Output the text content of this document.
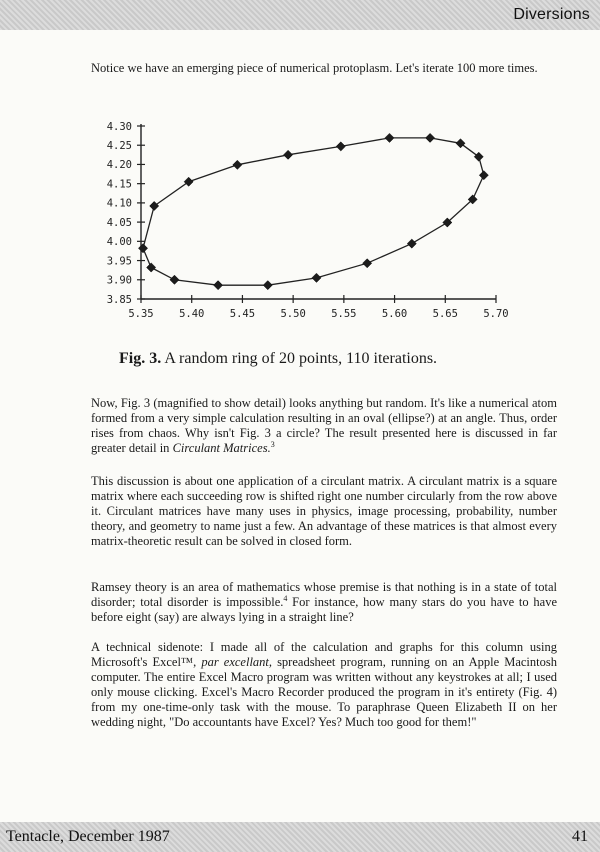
Diversions

Notice we have an emerging piece of numerical protoplasm. Let's iterate 100 more times.

4.30
4.25
4.20
4.15
4.10
4.05
4.00
3.95
3.90
3.85
5.35 5.40 5.45 5.50 5.55 5.60 5.65 5.70

Fig. 3. A random ring of 20 points, 110 iterations.

Now, Fig. 3 (magnified to show detail) looks anything but random. It's like a numerical atom formed from a very simple calculation resulting in an oval (ellipse?) at an angle. Thus, order rises from chaos. Why isn't Fig. 3 a circle? The result presented here is discussed in far greater detail in Circulant Matrices.$^3$

This discussion is about one application of a circulant matrix. A circulant matrix is a square matrix where each succeeding row is shifted right one number circularly from the row above it. Circulant matrices have many uses in physics, image processing, probability, number theory, and geometry to name just a few. An advantage of these matrices is that almost every matrix-theoretic result can be solved in closed form.

Ramsey theory is an area of mathematics whose premise is that nothing is in a state of total disorder; total disorder is impossible.$^4$ For instance, how many stars do you have to have before eight (say) are always lying in a straight line?

A technical sidenote: I made all of the calculation and graphs for this column using Microsoft's Excel™, par excellant, spreadsheet program, running on an Apple Macintosh computer. The entire Excel Macro program was written without any keystrokes at all; I used only mouse clicking. Excel's Macro Recorder produced the program in it's entirety (Fig. 4) from my one-time-only task with the mouse. To paraphrase Queen Elizabeth II on her wedding night, "Do accountants have Excel? Yes? Much too good for them!"

Tentacle, December 1987	41
